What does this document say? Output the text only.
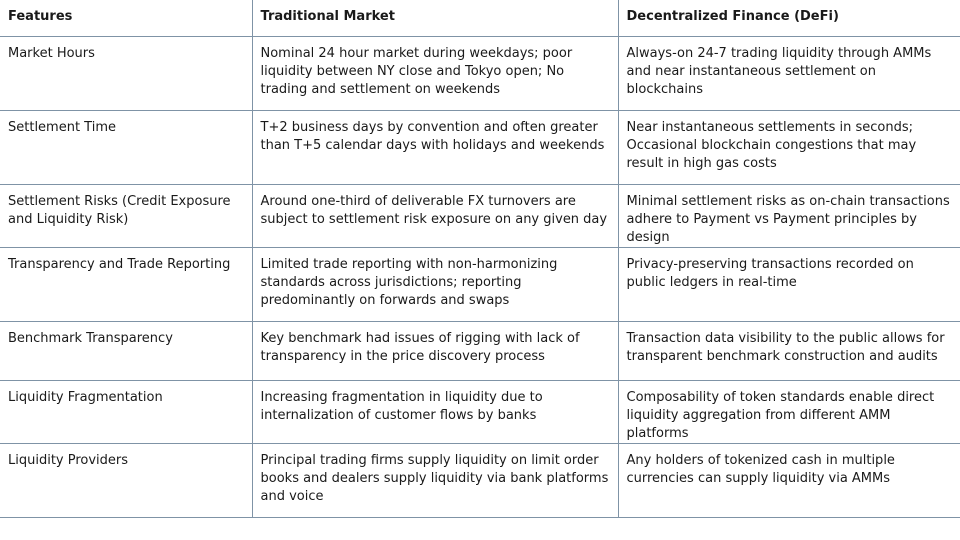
Features	Traditional Market	Decentralized Finance (DeFi)
Market Hours	Nominal 24 hour market during weekdays; poor liquidity between NY close and Tokyo open; No trading and settlement on weekends	Always-on 24-7 trading liquidity through AMMs and near instantaneous settlement on blockchains
Settlement Time	T+2 business days by convention and often greater than T+5 calendar days with holidays and weekends	Near instantaneous settlements in seconds; Occasional blockchain congestions that may result in high gas costs
Settlement Risks (Credit Exposure and Liquidity Risk)	Around one-third of deliverable FX turnovers are subject to settlement risk exposure on any given day	Minimal settlement risks as on-chain transactions adhere to Payment vs Payment principles by design
Transparency and Trade Reporting	Limited trade reporting with non-harmonizing standards across jurisdictions; reporting predominantly on forwards and swaps	Privacy-preserving transactions recorded on public ledgers in real-time
Benchmark Transparency	Key benchmark had issues of rigging with lack of transparency in the price discovery process	Transaction data visibility to the public allows for transparent benchmark construction and audits
Liquidity Fragmentation	Increasing fragmentation in liquidity due to internalization of customer flows by banks	Composability of token standards enable direct liquidity aggregation from different AMM platforms
Liquidity Providers	Principal trading firms supply liquidity on limit order books and dealers supply liquidity via bank platforms and voice	Any holders of tokenized cash in multiple currencies can supply liquidity via AMMs
